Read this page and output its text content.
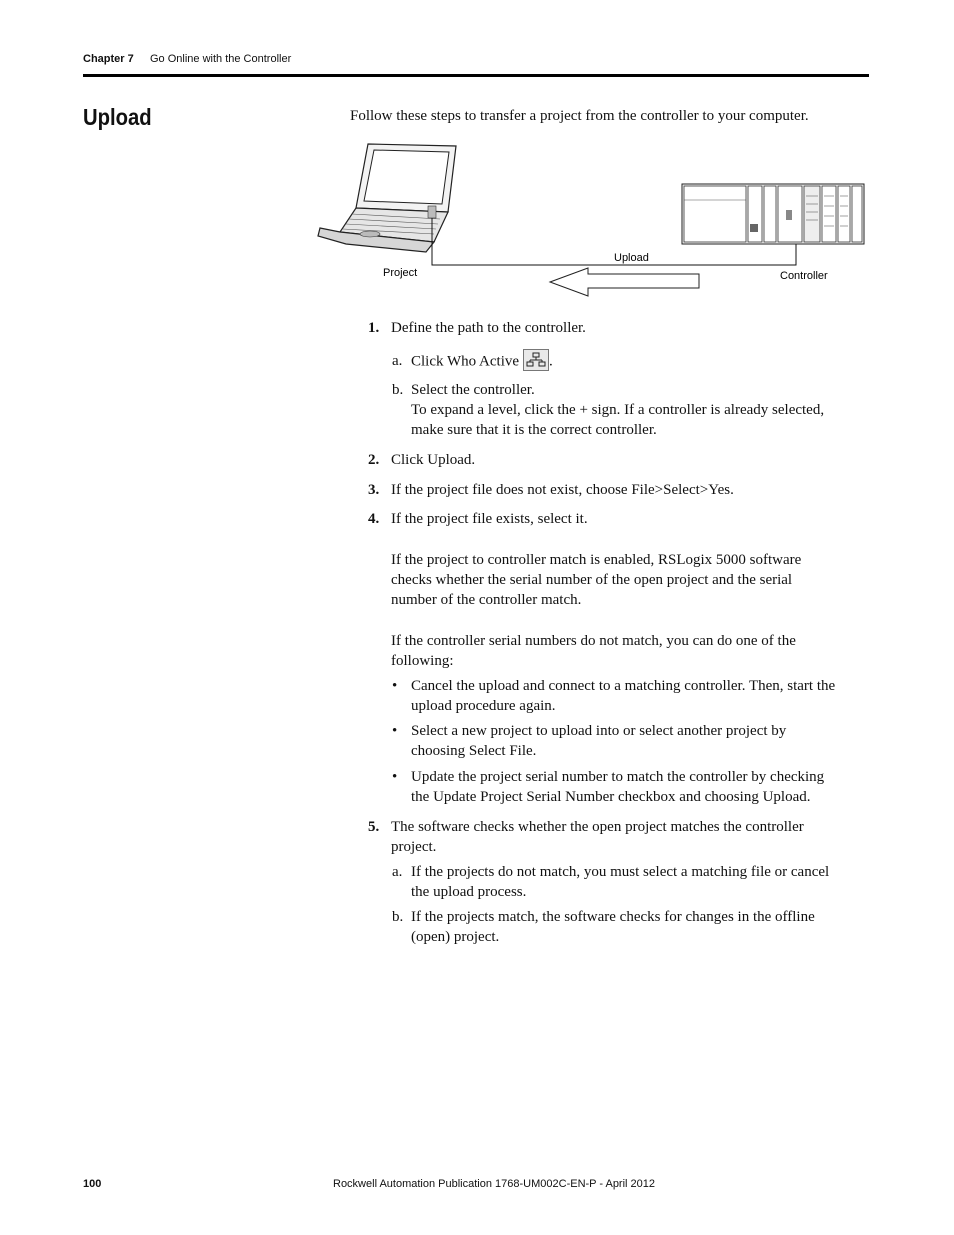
Chapter 7 Go Online with the Controller
Upload	Follow these steps to transfer a project from the controller to your computer.
Project
Upload
Controller
1. Define the path to the controller.
a. Click Who Active .
b. Select the controller.
To expand a level, click the + sign. If a controller is already selected,
make sure that it is the correct controller.
2. Click Upload.
3. If the project file does not exist, choose File>Select>Yes.
4. If the project file exists, select it.
If the project to controller match is enabled, RSLogix 5000 software
checks whether the serial number of the open project and the serial
number of the controller match.
If the controller serial numbers do not match, you can do one of the
following:
• Cancel the upload and connect to a matching controller. Then, start the
upload procedure again.
• Select a new project to upload into or select another project by
choosing Select File.
• Update the project serial number to match the controller by checking
the Update Project Serial Number checkbox and choosing Upload.
5. The software checks whether the open project matches the controller
project.
a. If the projects do not match, you must select a matching file or cancel
the upload process.
b. If the projects match, the software checks for changes in the offline
(open) project.
100	Rockwell Automation Publication 1768-UM002C-EN-P - April 2012
